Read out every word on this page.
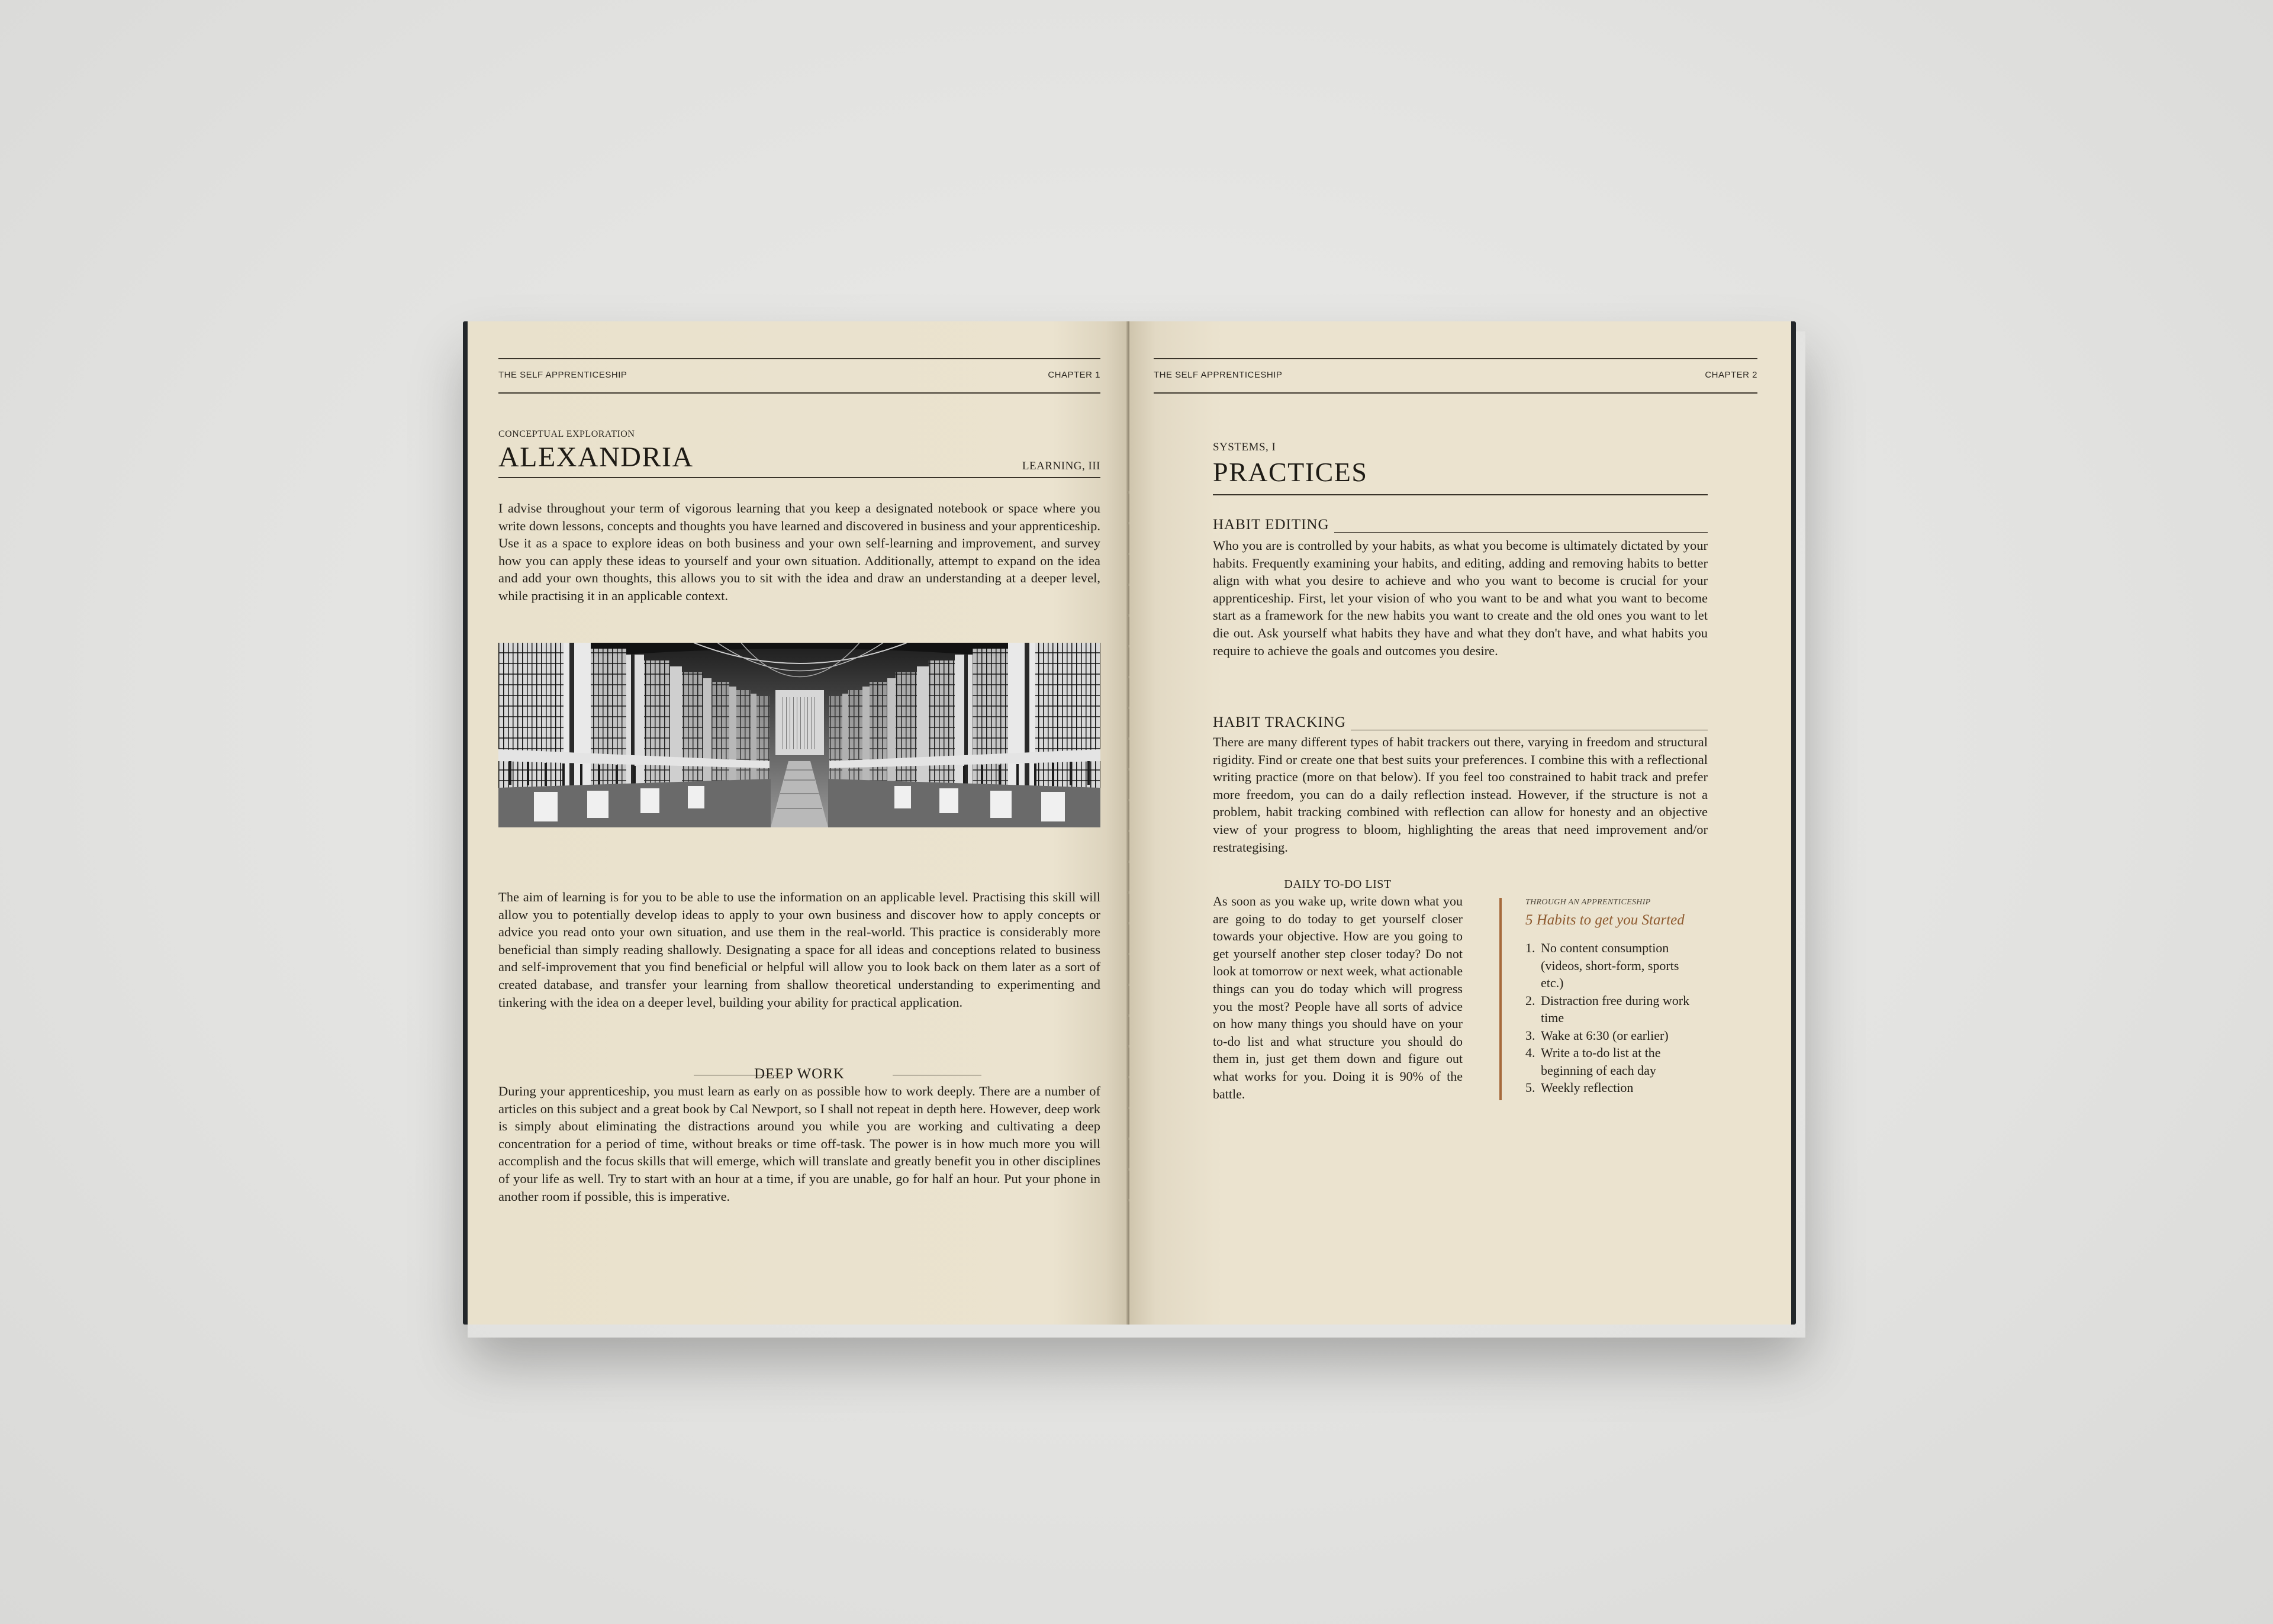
THE SELF APPRENTICESHIP	CHAPTER 1
CONCEPTUAL EXPLORATION
ALEXANDRIA	LEARNING, III

I advise throughout your term of vigorous learning that you keep a designated notebook or space where you write down lessons, concepts and thoughts you have learned and discovered in business and your apprenticeship. Use it as a space to explore ideas on both business and your own self-learning and improvement, and survey how you can apply these ideas to yourself and your own situation. Additionally, attempt to expand on the idea and add your own thoughts, this allows you to sit with the idea and draw an understanding at a deeper level, while practising it in an applicable context.

The aim of learning is for you to be able to use the information on an applicable level. Practising this skill will allow you to potentially develop ideas to apply to your own business and discover how to apply concepts or advice you read onto your own situation, and use them in the real-world. This practice is considerably more beneficial than simply reading shallowly. Designating a space for all ideas and conceptions related to business and self-improvement that you find beneficial or helpful will allow you to look back on them later as a sort of created database, and transfer your learning from shallow theoretical understanding to experimenting and tinkering with the idea on a deeper level, building your ability for practical application.

DEEP WORK

During your apprenticeship, you must learn as early on as possible how to work deeply. There are a number of articles on this subject and a great book by Cal Newport, so I shall not repeat in depth here. However, deep work is simply about eliminating the distractions around you while you are working and cultivating a deep concentration for a period of time, without breaks or time off-task. The power is in how much more you will accomplish and the focus skills that will emerge, which will translate and greatly benefit you in other disciplines of your life as well. Try to start with an hour at a time, if you are unable, go for half an hour. Put your phone in another room if possible, this is imperative.

THE SELF APPRENTICESHIP	CHAPTER 2
SYSTEMS, I
PRACTICES
HABIT EDITING

Who you are is controlled by your habits, as what you become is ultimately dictated by your habits. Frequently examining your habits, and editing, adding and removing habits to better align with what you desire to achieve and who you want to become is crucial for your apprenticeship. First, let your vision of who you want to be and what you want to become start as a framework for the new habits you want to create and the old ones you want to let die out. Ask yourself what habits they have and what they don't have, and what habits you require to achieve the goals and outcomes you desire.

HABIT TRACKING

There are many different types of habit trackers out there, varying in freedom and structural rigidity. Find or create one that best suits your preferences. I combine this with a reflectional writing practice (more on that below). If you feel too constrained to habit track and prefer more freedom, you can do a daily reflection instead. However, if the structure is not a problem, habit tracking combined with reflection can allow for honesty and an objective view of your progress to bloom, highlighting the areas that need improvement and/or restrategising.

DAILY TO-DO LIST

As soon as you wake up, write down what you are going to do today to get yourself closer towards your objective. How are you going to get yourself another step closer today? Do not look at tomorrow or next week, what actionable things can you do today which will progress you the most? People have all sorts of advice on how many things you should have on your to-do list and what structure you should do them in, just get them down and figure out what works for you. Doing it is 90% of the battle.

THROUGH AN APPRENTICESHIP
5 Habits to get you Started
1. No content consumption
(videos, short-form, sports
etc.)
2. Distraction free during work
time
3. Wake at 6:30 (or earlier)
4. Write a to-do list at the
beginning of each day
5. Weekly reflection
